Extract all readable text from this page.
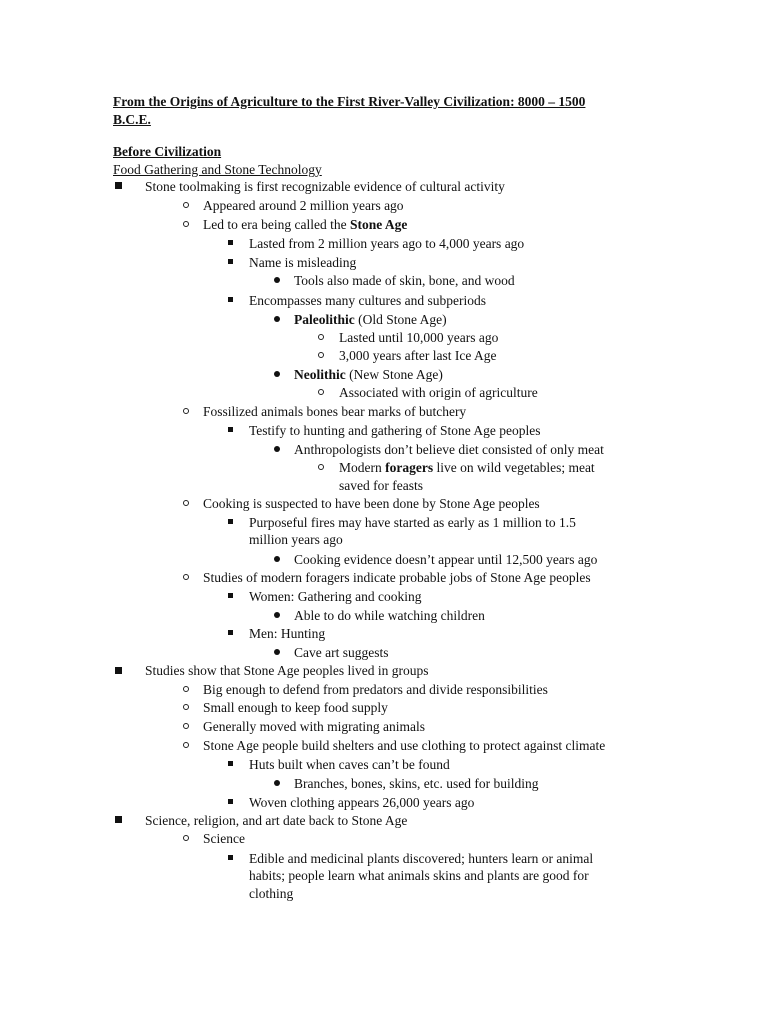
From the Origins of Agriculture to the First River-Valley Civilization: 8000 – 1500
B.C.E.
Before Civilization
Food Gathering and Stone Technology
Stone toolmaking is first recognizable evidence of cultural activity
Appeared around 2 million years ago
Led to era being called the Stone Age
Lasted from 2 million years ago to 4,000 years ago
Name is misleading
Tools also made of skin, bone, and wood
Encompasses many cultures and subperiods
Paleolithic (Old Stone Age)
Lasted until 10,000 years ago
3,000 years after last Ice Age
Neolithic (New Stone Age)
Associated with origin of agriculture
Fossilized animals bones bear marks of butchery
Testify to hunting and gathering of Stone Age peoples
Anthropologists don’t believe diet consisted of only meat
Modern foragers live on wild vegetables; meat
saved for feasts
Cooking is suspected to have been done by Stone Age peoples
Purposeful fires may have started as early as 1 million to 1.5
million years ago
Cooking evidence doesn’t appear until 12,500 years ago
Studies of modern foragers indicate probable jobs of Stone Age peoples
Women: Gathering and cooking
Able to do while watching children
Men: Hunting
Cave art suggests
Studies show that Stone Age peoples lived in groups
Big enough to defend from predators and divide responsibilities
Small enough to keep food supply
Generally moved with migrating animals
Stone Age people build shelters and use clothing to protect against climate
Huts built when caves can’t be found
Branches, bones, skins, etc. used for building
Woven clothing appears 26,000 years ago
Science, religion, and art date back to Stone Age
Science
Edible and medicinal plants discovered; hunters learn or animal
habits; people learn what animals skins and plants are good for
clothing
